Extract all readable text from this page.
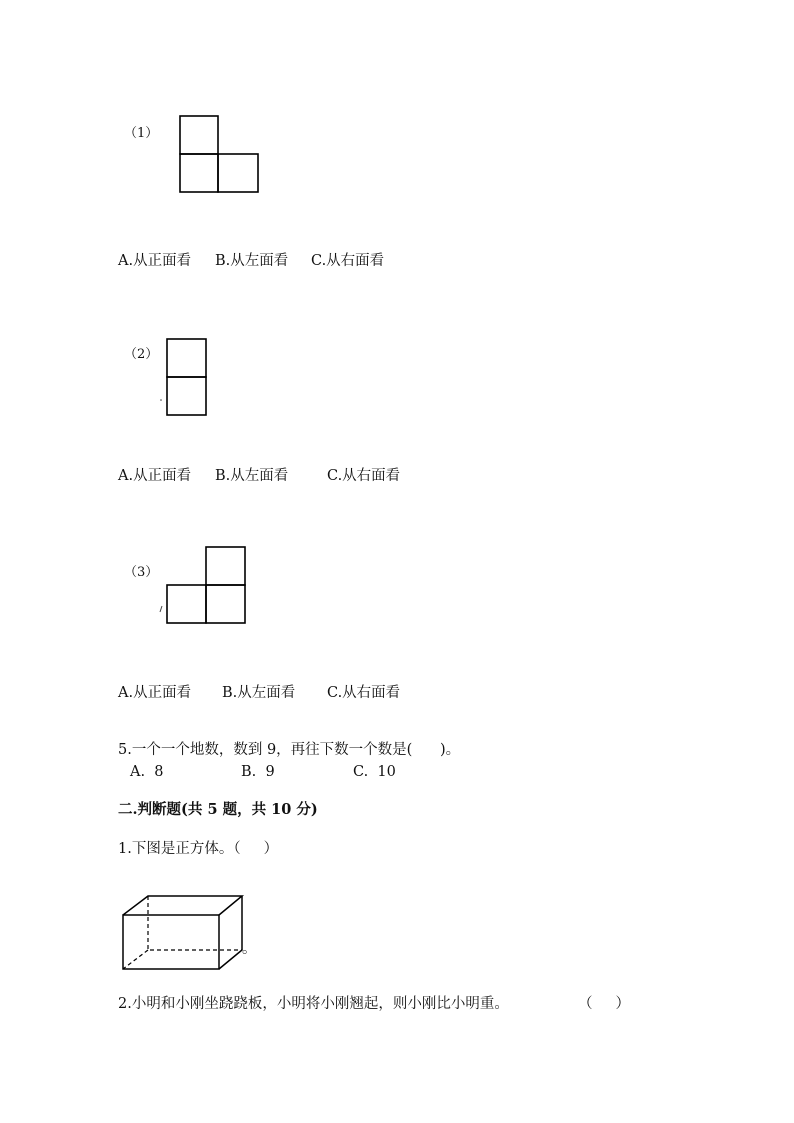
（1）
A.从正面看 B.从左面看 C.从右面看
（2）
A.从正面看 B.从左面看	C.从右面看
（3）
A.从正面看 B.从左面看 C.从右面看
5.一个一个地数，数到 9，再往下数一个数是(      )。
A.  8	B.  9	C.  10
二.判断题(共 5 题，共 10 分)
1.下图是正方体。（     ）
。
2.小明和小刚坐跷跷板，小明将小刚翘起，则小刚比小明重。	（     ）
